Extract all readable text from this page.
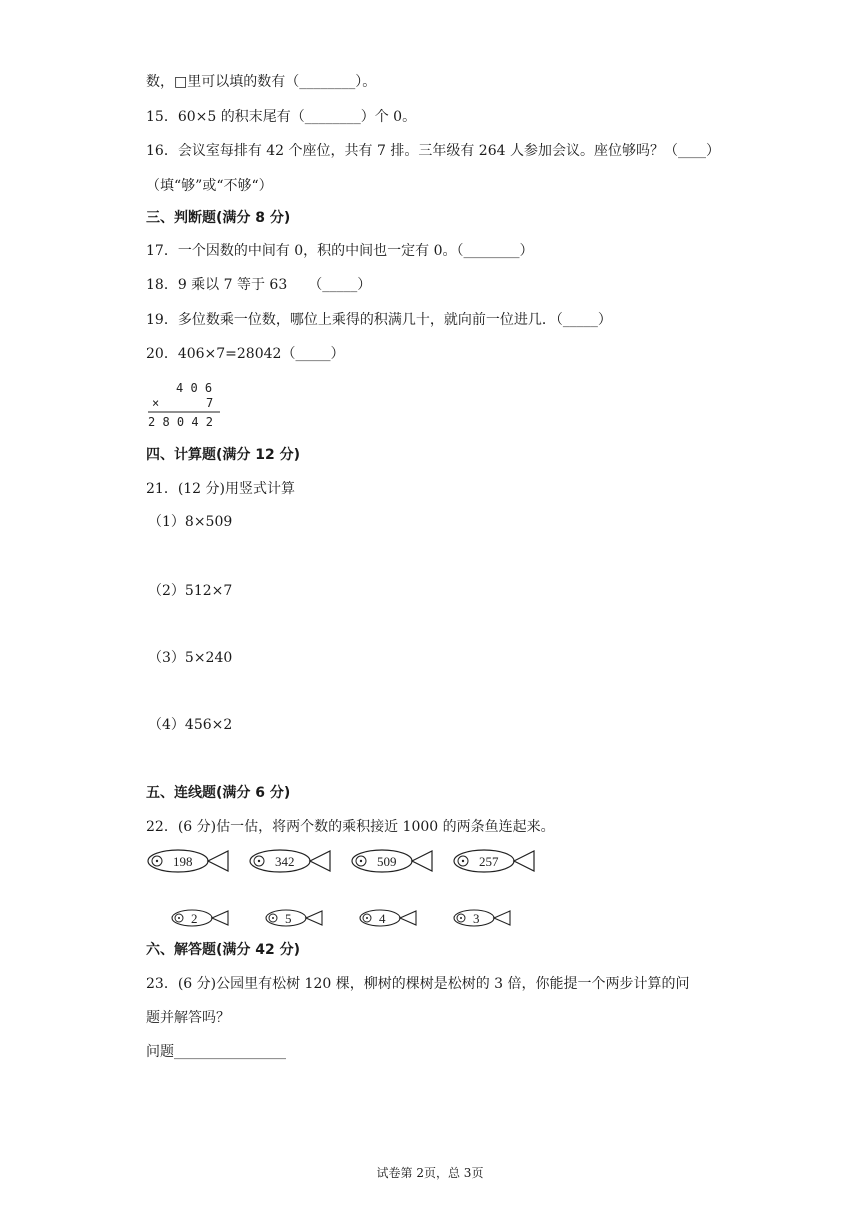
数，□里可以填的数有（________）。
15．60×5 的积末尾有（________）个 0。
16．会议室每排有 42 个座位，共有 7 排。三年级有 264 人参加会议。座位够吗？（____）
（填“够”或“不够“）
三、判断题(满分 8 分)
17．一个因数的中间有 0，积的中间也一定有 0。（________）
18．9 乘以 7 等于 63　　（_____）
19．多位数乘一位数，哪位上乘得的积满几十，就向前一位进几．（_____）
20．406×7=28042（_____）
4 0 6
×	7
2 8 0 4 2
四、计算题(满分 12 分)
21．(12 分)用竖式计算
（1）8×509
（2）512×7
（3）5×240
（4）456×2
五、连线题(满分 6 分)
22．(6 分)估一估，将两个数的乘积接近 1000 的两条鱼连起来。
198	342	509	257
2	5	4	3
六、解答题(满分 42 分)
23．(6 分)公园里有松树 120 棵，柳树的棵树是松树的 3 倍，你能提一个两步计算的问
题并解答吗？
问题________________
试卷第 2页，总 3页
